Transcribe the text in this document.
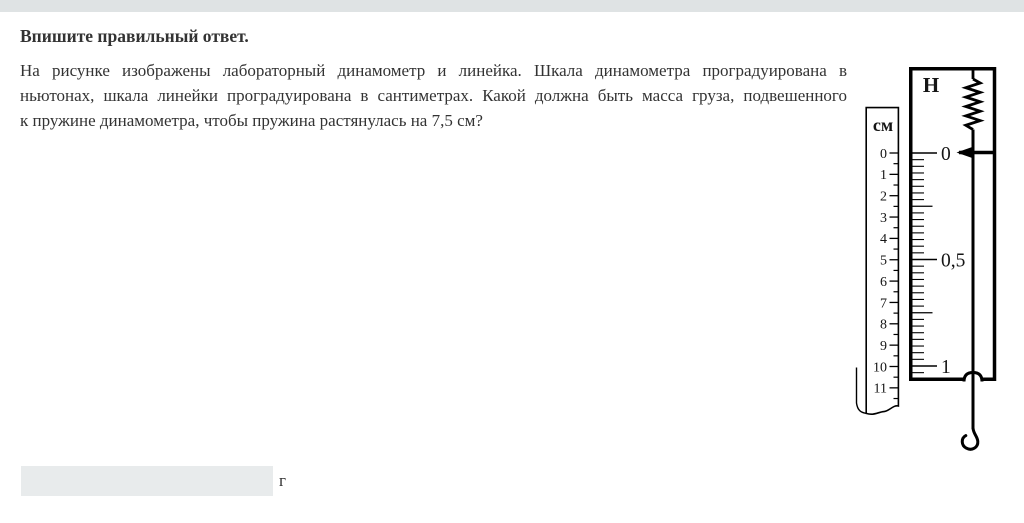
Впишите правильный ответ.
На рисунке изображены лабораторный динамометр и линейка. Шкала динамометра проградуирована в
ньютонах, шкала линейки проградуирована в сантиметрах. Какой должна быть масса груза, подвешенного
к пружине динамометра, чтобы пружина растянулась на 7,5 см?	см
0
1
2
3
4
5
6
7
8
9
10
11
Н
0
0,5
1
г
